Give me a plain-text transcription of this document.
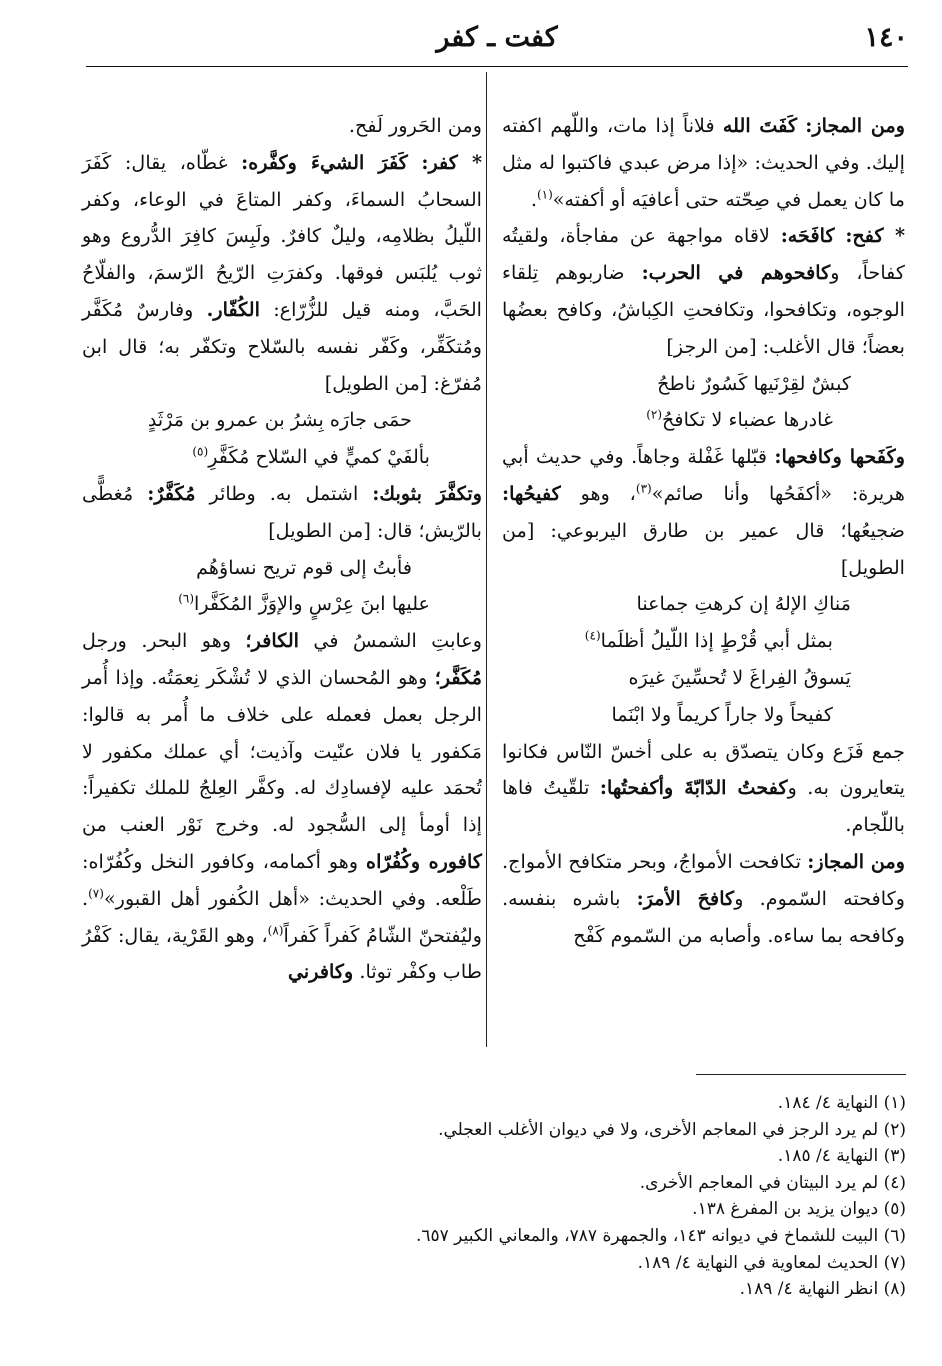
١٤٠
كفت ـ كفر

ومن المجاز: كَفَتَ الله فلاناً إذا مات، واللّهم اكفته إليك. وفي الحديث: «إذا مرض عبدي فاكتبوا له مثل ما كان يعمل في صِحّته حتى أعافيَه أو أكفته»$^{(١)}$.

* كفح: كافَحَه: لاقاه مواجهة عن مفاجأة، ولقيتُه كفاحاً، وكافحوهم في الحرب: ضاربوهم تِلقاء الوجوه، وتكافحوا، وتكافحتِ الكِباشُ، وكافح بعضُها بعضاً؛ قال الأغلب: [من الرجز]

كبشٌ لقِرْنَيها كَسُورٌ ناطحُ
غادرها عضباء لا تكافحُ$^{(٢)}$

وكَفَحها وكافحها: قبّلها غَفْلة وجاهاً. وفي حديث أبي هريرة: «أكفَحُها وأنا صائم»$^{(٣)}$، وهو كفيحُها: ضجيعُها؛ قال عمير بن طارق اليربوعي: [من الطويل]

مَناكِ الإلهُ إن كرهتِ جماعنا
بمثل أبي قُرْطٍ إذا اللّيلُ أظلَما$^{(٤)}$
يَسوقُ الفِراغَ لا تُحسِّينَ غيرَه
كفيحاً ولا جاراً كريماً ولا ابْنَما

جمع فَزَع وكان يتصدّق به على أخسّ النّاس فكانوا يتعايرون به. وكفحتُ الدّابّةَ وأكفحتُها: تلقّيتُ فاها باللّجام.

ومن المجاز: تكافحت الأمواجُ، وبحر متكافح الأمواج. وكافحته السّموم. وكافحَ الأمرَ: باشره بنفسه. وكافحه بما ساءه. وأصابه من السّموم كَفْح

ومن الحَرور لَفح.

* كفر: كَفَرَ الشيءَ وكفَّره: غطّاه، يقال: كَفَرَ السحابُ السماءَ، وكفر المتاعَ في الوعاء، وكفر اللّيلُ بظلامِه، وليلٌ كافرٌ. ولَبِسَ كافِرَ الدُّروع وهو ثوب يُلبَس فوقها. وكفرَتِ الرّيحُ الرّسمَ، والفلّاحُ الحَبَّ، ومنه قيل للزُّرّاع: الكُفّار. وفارسٌ مُكَفَّر ومُتكَفِّر، وكَفّر نفسه بالسّلاح وتكفّر به؛ قال ابن مُفرّغ: [من الطويل]

حمَى جارَه بِشرُ بن عمرو بن مَرْثَدٍ
بألفَيْ كميٍّ في السّلاح مُكَفَّرِ$^{(٥)}$

وتكفَّرَ بثوبك: اشتمل به. وطائر مُكَفَّرٌ: مُغطًّى بالرّيش؛ قال: [من الطويل]

فأبتُ إلى قوم تريح نساؤهُم
عليها ابنَ عِرْسٍ والإوَزَّ المُكَفَّرا$^{(٦)}$

وعابتِ الشمسُ في الكافر؛ وهو البحر. ورجل مُكَفَّر؛ وهو المُحسان الذي لا تُشْكَر نِعمَتُه. وإذا أُمر الرجل بعمل فعمله على خلاف ما أُمر به قالوا: مَكفور يا فلان عنّيت وآذيت؛ أي عملك مكفور لا تُحمَد عليه لإفسادِك له. وكفَّر العِلجُ للملك تكفيراً: إذا أومأ إلى السُّجود له. وخرج نَوْر العنب من كافوره وكُفُرّاه وهو أكمامه، وكافور النخل وكُفُرّاه: طَلْعه. وفي الحديث: «أهل الكُفور أهل القبور»$^{(٧)}$. وليُفتحنّ الشّامُ كَفراً كَفراً$^{(٨)}$، وهو القَرْية، يقال: كَفْرُ طاب وكفْر توثا. وكافرني

(١) النهاية ٤/ ١٨٤.

(٢) لم يرد الرجز في المعاجم الأخرى، ولا في ديوان الأغلب العجلي.

(٣) النهاية ٤/ ١٨٥.

(٤) لم يرد البيتان في المعاجم الأخرى.

(٥) ديوان يزيد بن المفرغ ١٣٨.

(٦) البيت للشماخ في ديوانه ١٤٣، والجمهرة ٧٨٧، والمعاني الكبير ٦٥٧.

(٧) الحديث لمعاوية في النهاية ٤/ ١٨٩.

(٨) انظر النهاية ٤/ ١٨٩.
